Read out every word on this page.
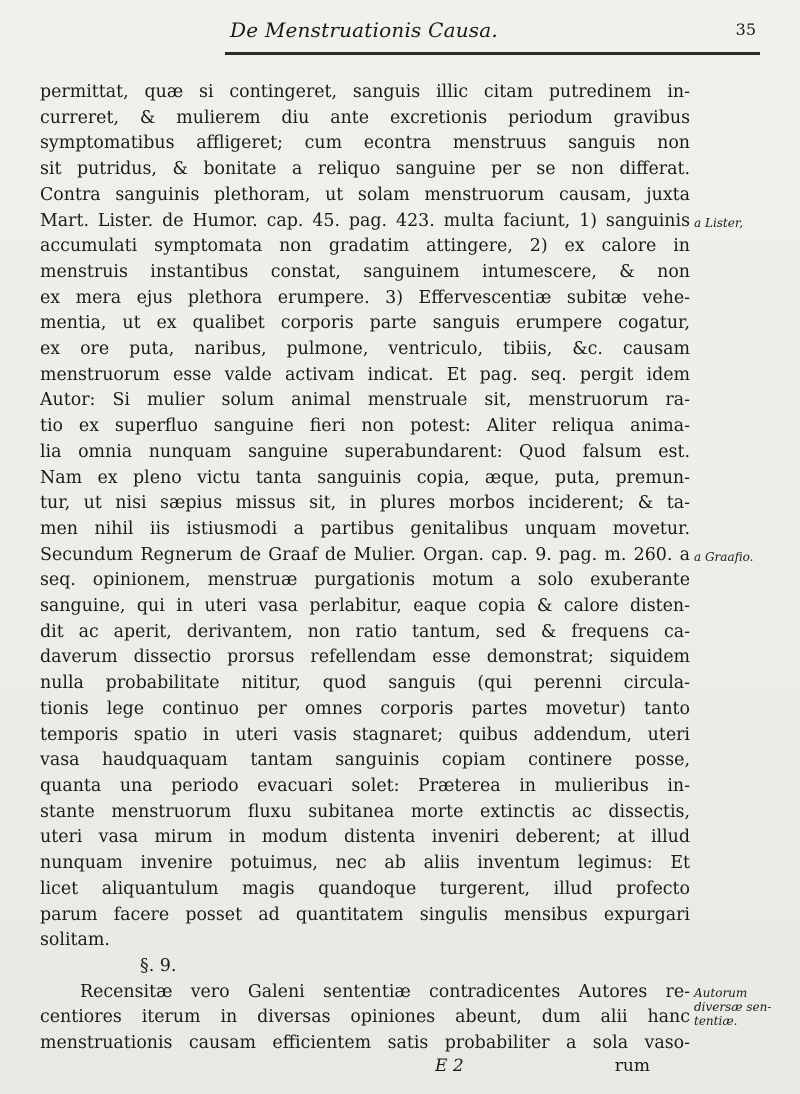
De Menstruationis Causa.	35
permittat, quæ si contingeret, sanguis illic citam putredinem in-
curreret, & mulierem diu ante excretionis periodum gravibus
symptomatibus affligeret; cum econtra menstruus sanguis non
sit putridus, & bonitate a reliquo sanguine per se non differat.
Contra sanguinis plethoram, ut solam menstruorum causam, juxta
Mart. Lister. de Humor. cap. 45. pag. 423. multa faciunt, 1) sanguinis
accumulati symptomata non gradatim attingere, 2) ex calore in
menstruis instantibus constat, sanguinem intumescere, & non
ex mera ejus plethora erumpere. 3) Effervescentiæ subitæ vehe-
mentia, ut ex qualibet corporis parte sanguis erumpere cogatur,
ex ore puta, naribus, pulmone, ventriculo, tibiis, &c. causam
menstruorum esse valde activam indicat. Et pag. seq. pergit idem
Autor: Si mulier solum animal menstruale sit, menstruorum ra-
tio ex superfluo sanguine fieri non potest: Aliter reliqua anima-
lia omnia nunquam sanguine superabundarent: Quod falsum est.
Nam ex pleno victu tanta sanguinis copia, æque, puta, premun-
tur, ut nisi sæpius missus sit, in plures morbos inciderent; & ta-
men nihil iis istiusmodi a partibus genitalibus unquam movetur.
Secundum Regnerum de Graaf de Mulier. Organ. cap. 9. pag. m. 260. a
seq. opinionem, menstruæ purgationis motum a solo exuberante
sanguine, qui in uteri vasa perlabitur, eaque copia & calore disten-
dit ac aperit, derivantem, non ratio tantum, sed & frequens ca-
daverum dissectio prorsus refellendam esse demonstrat; siquidem
nulla probabilitate nititur, quod sanguis (qui perenni circula-
tionis lege continuo per omnes corporis partes movetur) tanto
temporis spatio in uteri vasis stagnaret; quibus addendum, uteri
vasa haudquaquam tantam sanguinis copiam continere posse,
quanta una periodo evacuari solet: Præterea in mulieribus in-
stante menstruorum fluxu subitanea morte extinctis ac dissectis,
uteri vasa mirum in modum distenta inveniri deberent; at illud
nunquam invenire potuimus, nec ab aliis inventum legimus: Et
licet aliquantulum magis quandoque turgerent, illud profecto
parum facere posset ad quantitatem singulis mensibus expurgari
solitam.
§. 9.
Recensitæ vero Galeni sententiæ contradicentes Autores re-
centiores iterum in diversas opiniones abeunt, dum alii hanc
menstruationis causam efficientem satis probabiliter a sola vaso-
a Lister,
a Graafio.
Autorum
diversæ sen-
tentiæ.
E 2	rum
